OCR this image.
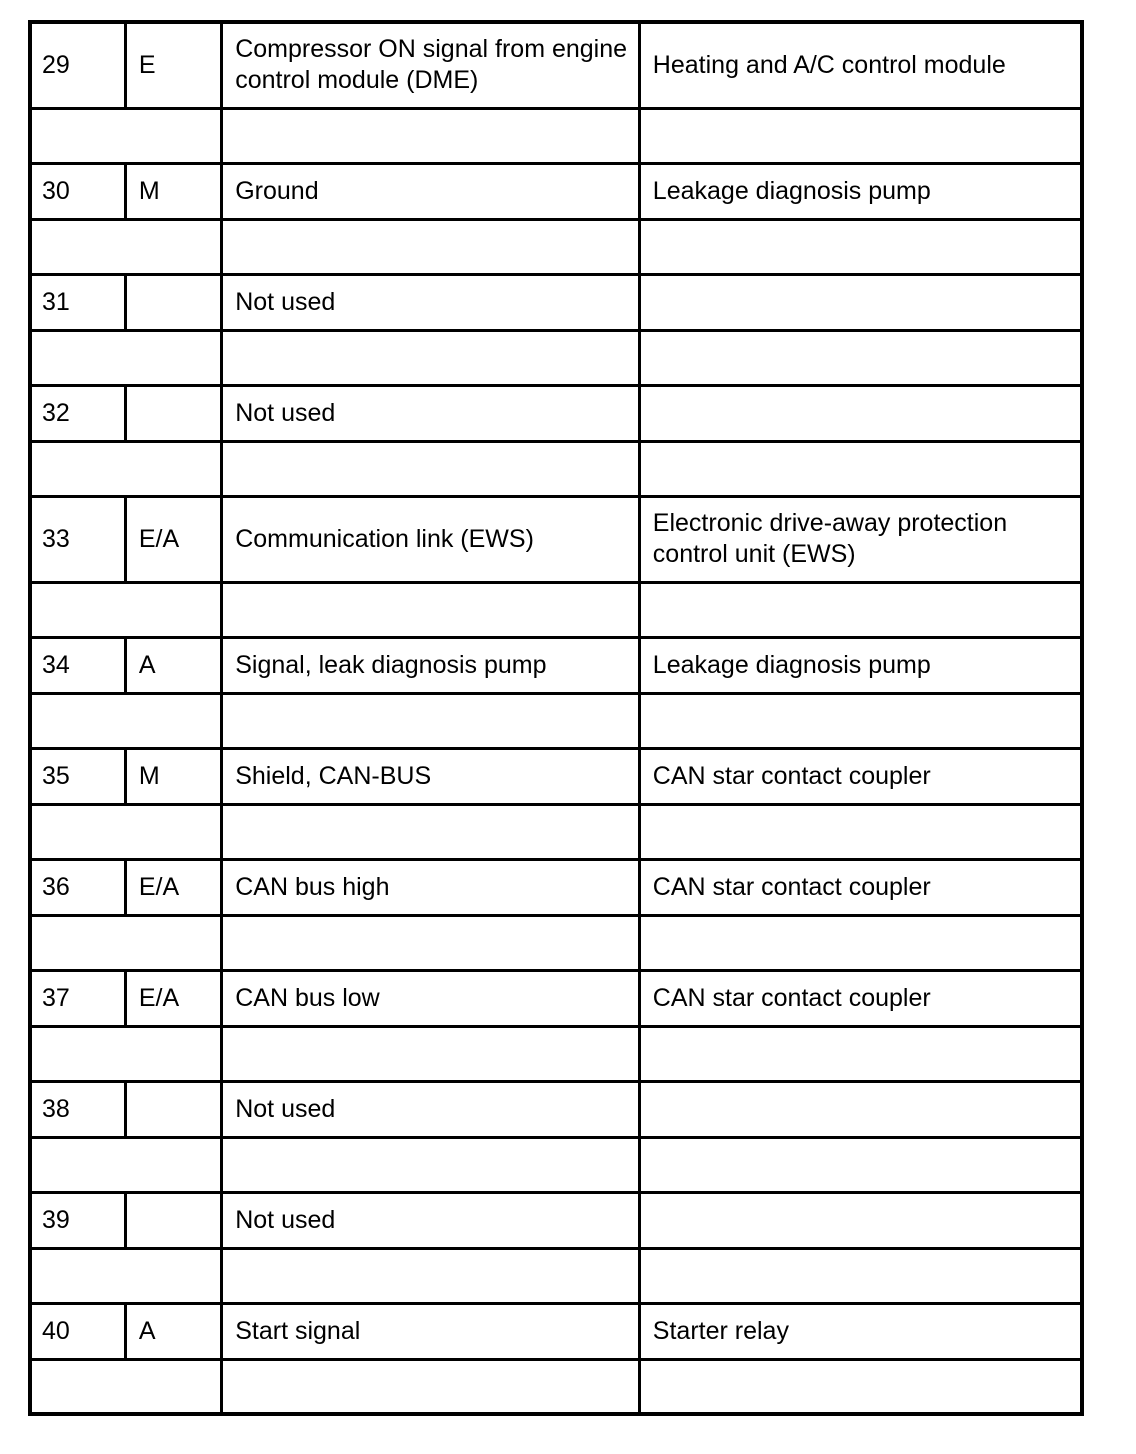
29	E	Compressor ON signal from engine control module (DME)	Heating and A/C control module

30	M	Ground	Leakage diagnosis pump

31		Not used	

32		Not used	

33	E/A	Communication link (EWS)	Electronic drive-away protection control unit (EWS)

34	A	Signal, leak diagnosis pump	Leakage diagnosis pump

35	M	Shield, CAN-BUS	CAN star contact coupler

36	E/A	CAN bus high	CAN star contact coupler

37	E/A	CAN bus low	CAN star contact coupler

38		Not used	

39		Not used	

40	A	Start signal	Starter relay
